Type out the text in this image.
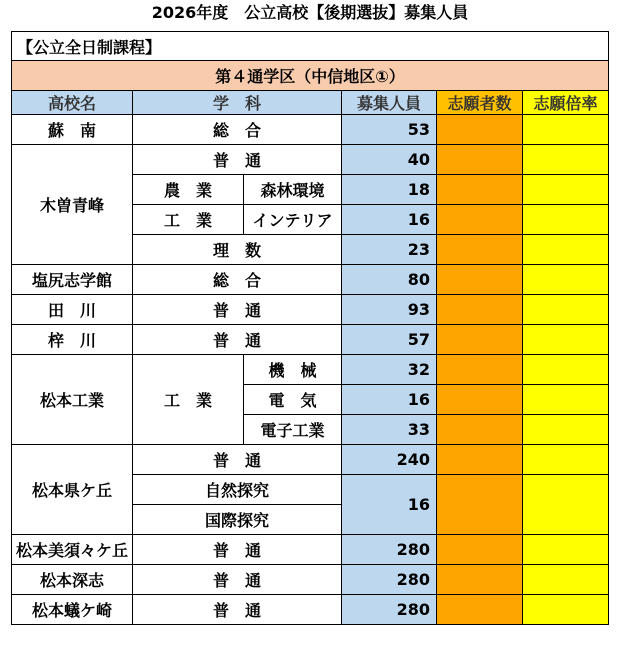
2026年度　公立高校【後期選抜】募集人員
【公立全日制課程】					
第４通学区（中信地区①）					
高校名	学　科		募集人員	志願者数	志願倍率
蘇　南	総　合		53		
木曽青峰	普　通		40		
	農　業	森林環境	18		
	工　業	インテリア	16		
	理　数		23		
塩尻志学館	総　合		80		
田　川	普　通		93		
梓　川	普　通		57		
松本工業	工　業	機　械	32		
		電　気	16		
		電子工業	33		
松本県ケ丘	普　通		240		
	自然探究		16		
	国際探究				
松本美須々ケ丘	普　通		280		
松本深志	普　通		280		
松本蟻ケ崎	普　通		280		
